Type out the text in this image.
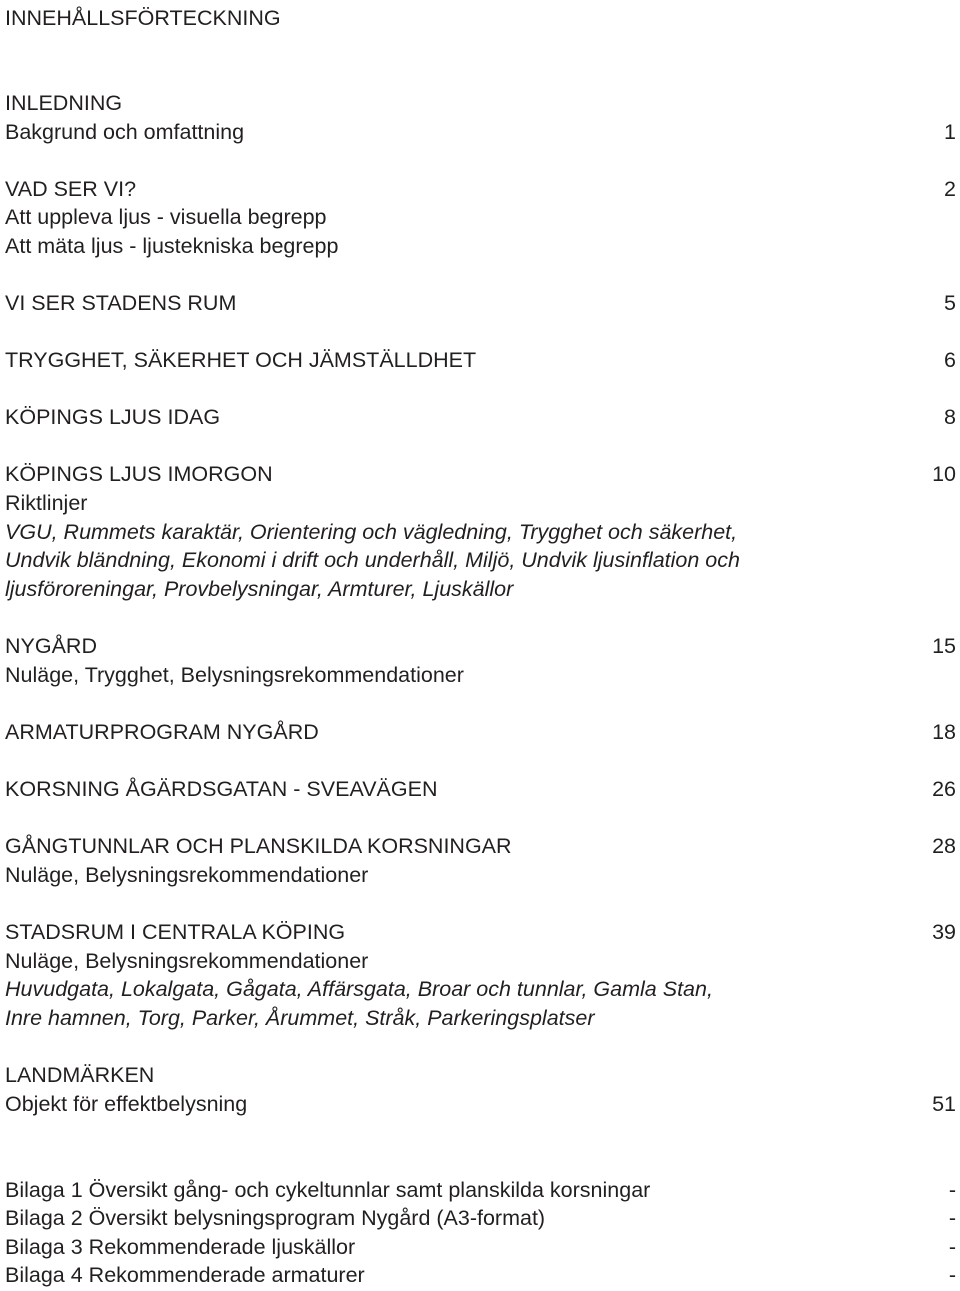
INNEHÅLLSFÖRTECKNING
INLEDNING
Bakgrund och omfattning	1
VAD SER VI?	2
Att uppleva ljus - visuella begrepp
Att mäta ljus - ljustekniska begrepp
VI SER STADENS RUM	5
TRYGGHET, SÄKERHET OCH JÄMSTÄLLDHET	6
KÖPINGS LJUS IDAG	8
KÖPINGS LJUS IMORGON	10
Riktlinjer
VGU, Rummets karaktär, Orientering och vägledning, Trygghet och säkerhet,
Undvik bländning, Ekonomi i drift och underhåll, Miljö, Undvik ljusinflation och
ljusföroreningar, Provbelysningar, Armturer, Ljuskällor
NYGÅRD	15
Nuläge, Trygghet, Belysningsrekommendationer
ARMATURPROGRAM NYGÅRD	18
KORSNING ÅGÄRDSGATAN - SVEAVÄGEN	26
GÅNGTUNNLAR OCH PLANSKILDA KORSNINGAR	28
Nuläge, Belysningsrekommendationer
STADSRUM I CENTRALA KÖPING	39
Nuläge, Belysningsrekommendationer
Huvudgata, Lokalgata, Gågata, Affärsgata, Broar och tunnlar, Gamla Stan,
Inre hamnen, Torg, Parker, Årummet, Stråk, Parkeringsplatser
LANDMÄRKEN
Objekt för effektbelysning	51
Bilaga 1 Översikt gång- och cykeltunnlar samt planskilda korsningar	-
Bilaga 2 Översikt belysningsprogram Nygård (A3-format)	-
Bilaga 3 Rekommenderade ljuskällor	-
Bilaga 4 Rekommenderade armaturer	-
